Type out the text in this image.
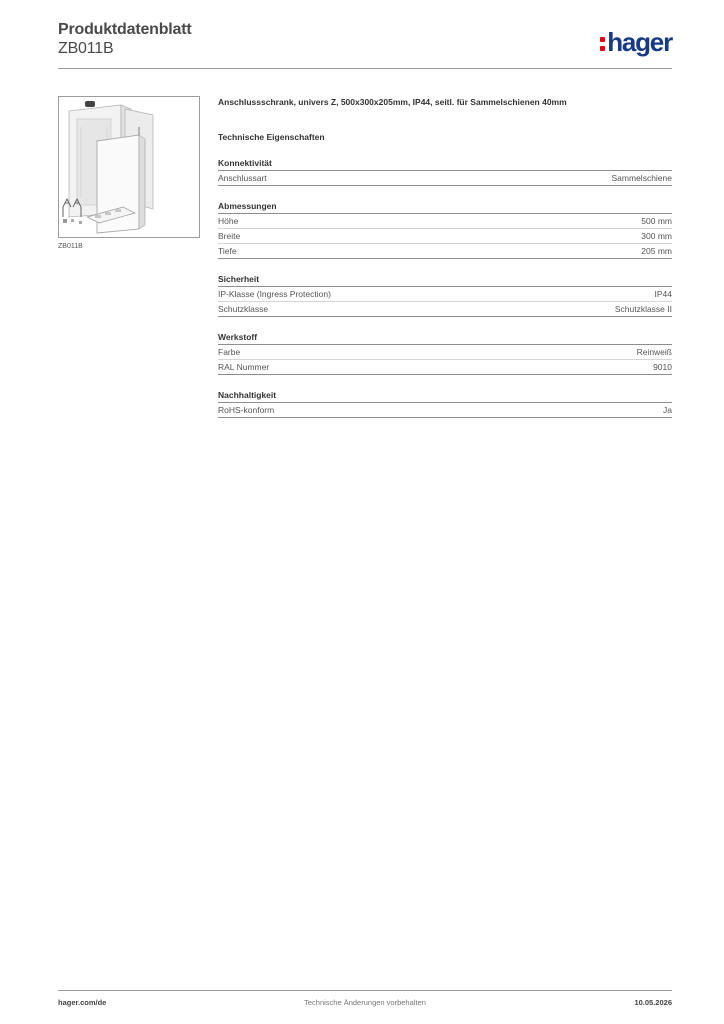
Produktdatenblatt
ZB011B	hager
ZB011B
Anschlussschrank, univers Z, 500x300x205mm, IP44, seitl. für Sammelschienen 40mm
Technische Eigenschaften
Konnektivität
Anschlussart	Sammelschiene
Abmessungen
Höhe	500 mm
Breite	300 mm
Tiefe	205 mm
Sicherheit
IP-Klasse (Ingress Protection)	IP44
Schutzklasse	Schutzklasse II
Werkstoff
Farbe	Reinweiß
RAL Nummer	9010
Nachhaltigkeit
RoHS-konform	Ja
hager.com/de	Technische Änderungen vorbehalten	10.05.2026
